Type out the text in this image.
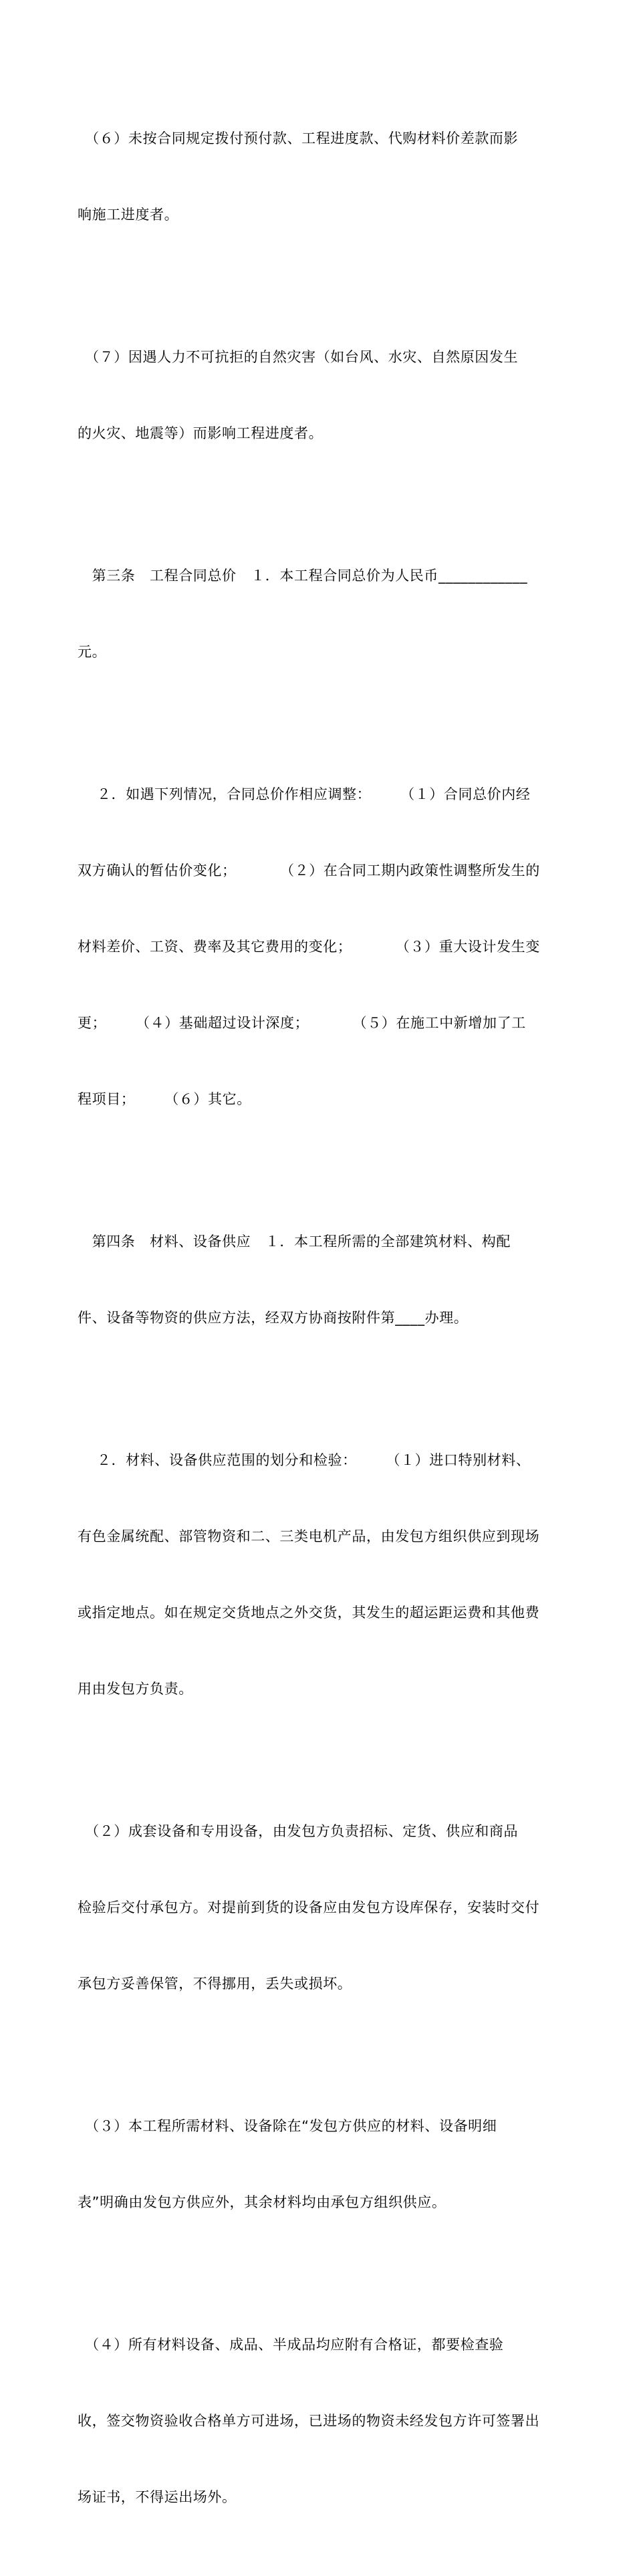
　（６）未按合同规定拨付预付款、工程进度款、代购材料价差款而影

响施工进度者。

　（７）因遇人力不可抗拒的自然灾害（如台风、水灾、自然原因发生

的火灾、地震等）而影响工程进度者。

　第三条　工程合同总价　１．本工程合同总价为人民币____________

元。

　 ２．如遇下列情况，合同总价作相应调整：　　　（１）合同总价内经

双方确认的暂估价变化；　　　　（２）在合同工期内政策性调整所发生的

材料差价、工资、费率及其它费用的变化；　　　　（３）重大设计发生变

更；　　　（４）基础超过设计深度；　　　　（５）在施工中新增加了工

程项目；　　　（６）其它。

　第四条　材料、设备供应　１．本工程所需的全部建筑材料、构配

件、设备等物资的供应方法，经双方协商按附件第____办理。

　 ２．材料、设备供应范围的划分和检验：　　　（１）进口特别材料、

有色金属统配、部管物资和二、三类电机产品，由发包方组织供应到现场

或指定地点。如在规定交货地点之外交货，其发生的超运距运费和其他费

用由发包方负责。

　（２）成套设备和专用设备，由发包方负责招标、定货、供应和商品

检验后交付承包方。对提前到货的设备应由发包方设库保存，安装时交付

承包方妥善保管，不得挪用，丢失或损坏。

　（３）本工程所需材料、设备除在“发包方供应的材料、设备明细

表”明确由发包方供应外，其余材料均由承包方组织供应。

　（４）所有材料设备、成品、半成品均应附有合格证，都要检查验

收，签交物资验收合格单方可进场，已进场的物资未经发包方许可签署出

场证书，不得运出场外。
